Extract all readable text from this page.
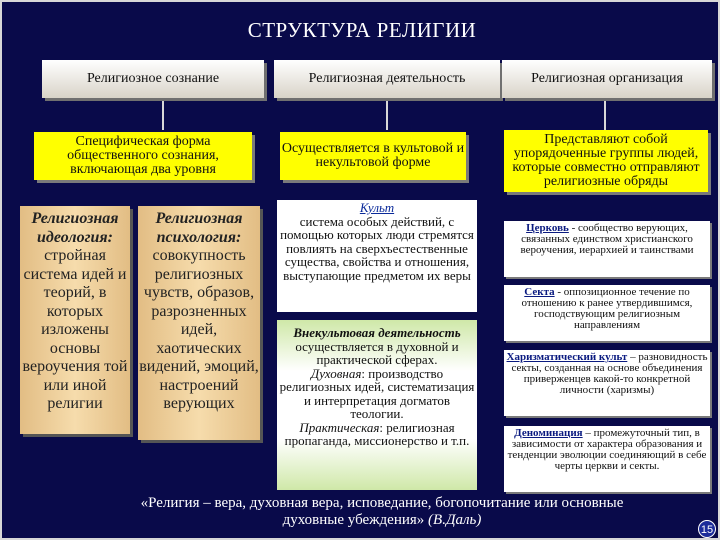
СТРУКТУРА РЕЛИГИИ
Религиозное сознание	Религиозная деятельность	Религиозная организация
Специфическая форма общественного сознания, включающая два уровня
Осуществляется в культовой и некультовой форме
Представляют собой упорядоченные группы людей, которые совместно отправляют религиозные обряды
Религиозная идеология:
стройная система идей и теорий, в которых изложены основы вероучения той или иной религии
Религиозная психология:
совокупность религиозных чувств, образов, разрозненных идей, хаотических видений, эмоций, настроений верующих
Культ
система особых действий, с помощью которых люди стремятся повлиять на сверхъестественные существа, свойства и отношения, выступающие предметом их веры
Внекультовая деятельность
осуществляется в духовной и практической сферах.
Духовная: производство религиозных идей, систематизация и интерпретация догматов теологии.
Практическая: религиозная пропаганда, миссионерство и т.п.
Церковь - сообщество верующих, связанных единством христианского вероучения, иерархией и таинствами
Секта - оппозиционное течение по отношению к ранее утвердившимся, господствующим религиозным направлениям
Харизматический культ – разновидность секты, созданная на основе объединения приверженцев какой-то конкретной личности (харизмы)
Деноминация – промежуточный тип, в зависимости от характера образования и тенденции эволюции соединяющий в себе черты церкви и секты.
«Религия – вера, духовная вера, исповедание, богопочитание или основные духовные убеждения» (В.Даль)
15
